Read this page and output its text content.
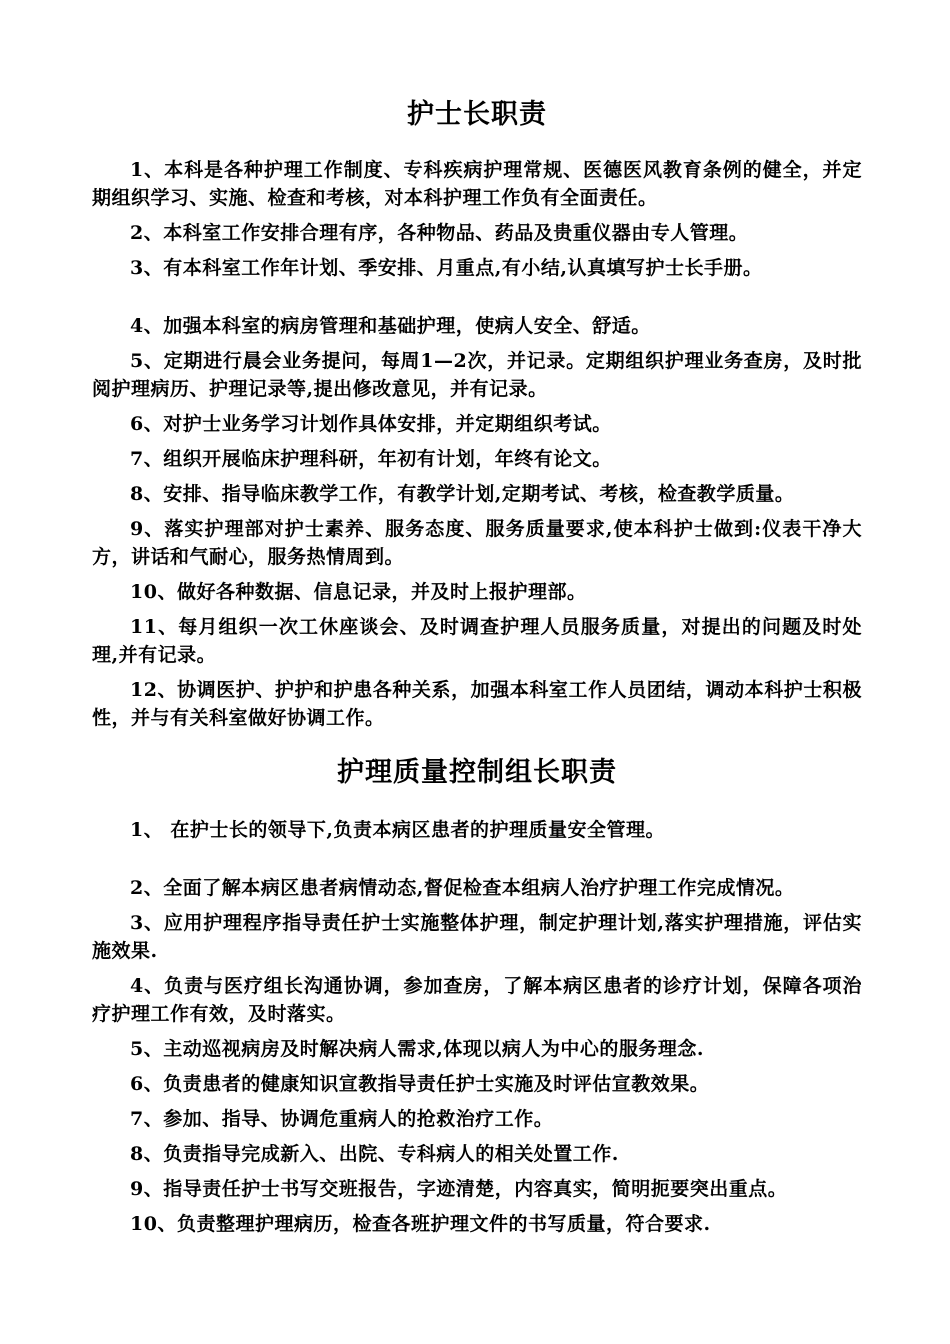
护士长职责

1、本科是各种护理工作制度、专科疾病护理常规、医德医风教育条例的健全，并定期组织学习、实施、检查和考核，对本科护理工作负有全面责任。

2、本科室工作安排合理有序，各种物品、药品及贵重仪器由专人管理。

3、有本科室工作年计划、季安排、月重点,有小结,认真填写护士长手册。

4、加强本科室的病房管理和基础护理，使病人安全、舒适。

5、定期进行晨会业务提问，每周1—2次，并记录。定期组织护理业务查房，及时批阅护理病历、护理记录等,提出修改意见，并有记录。

6、对护士业务学习计划作具体安排，并定期组织考试。

7、组织开展临床护理科研，年初有计划，年终有论文。

8、安排、指导临床教学工作，有教学计划,定期考试、考核，检查教学质量。

9、落实护理部对护士素养、服务态度、服务质量要求,使本科护士做到:仪表干净大方，讲话和气耐心，服务热情周到。

10、做好各种数据、信息记录，并及时上报护理部。

11、每月组织一次工休座谈会、及时调查护理人员服务质量，对提出的问题及时处理,并有记录。

12、协调医护、护护和护患各种关系，加强本科室工作人员团结，调动本科护士积极性，并与有关科室做好协调工作。

护理质量控制组长职责

1、 在护士长的领导下,负责本病区患者的护理质量安全管理。

2、全面了解本病区患者病情动态,督促检查本组病人治疗护理工作完成情况。

3、应用护理程序指导责任护士实施整体护理，制定护理计划,落实护理措施，评估实施效果.

4、负责与医疗组长沟通协调，参加查房，了解本病区患者的诊疗计划，保障各项治疗护理工作有效，及时落实。

5、主动巡视病房及时解决病人需求,体现以病人为中心的服务理念.

6、负责患者的健康知识宣教指导责任护士实施及时评估宣教效果。

7、参加、指导、协调危重病人的抢救治疗工作。

8、负责指导完成新入、出院、专科病人的相关处置工作.

9、指导责任护士书写交班报告，字迹清楚，内容真实，简明扼要突出重点。

10、负责整理护理病历，检查各班护理文件的书写质量，符合要求.
